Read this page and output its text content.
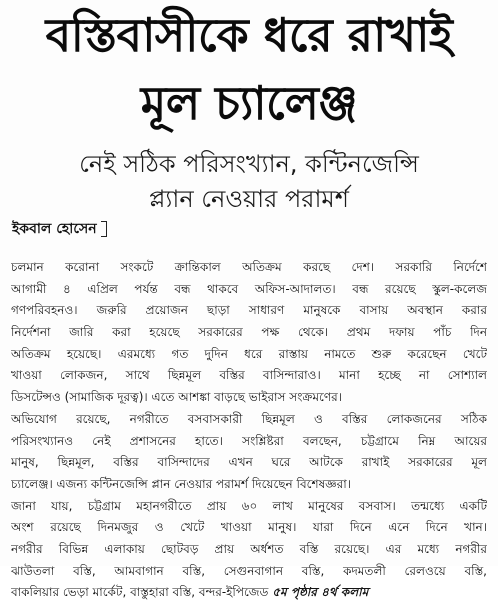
বস্তিবাসীকে ধরে রাখাই
মূল চ্যালেঞ্জ
নেই সঠিক পরিসংখ্যান, কন্টিনজেন্সি
প্ল্যান নেওয়ার পরামর্শ
ইকবাল হোসেন
চলমান করোনা সংকটে ক্রান্তিকাল অতিক্রম করছে দেশ। সরকারি নির্দেশে
আগামী ৪ এপ্রিল পর্যন্ত বন্ধ থাকবে অফিস-আদালত। বন্ধ রয়েছে স্কুল-কলেজ
গণপরিবহনও। জরুরি প্রয়োজন ছাড়া সাধারণ মানুষকে বাসায় অবস্থান করার
নির্দেশনা জারি করা হয়েছে সরকারের পক্ষ থেকে। প্রথম দফায় পাঁচ দিন
অতিক্রম হয়েছে। এরমধ্যে গত দুদিন ধরে রাস্তায় নামতে শুরু করেছেন খেটে
খাওয়া লোকজন, সাথে ছিন্নমূল বস্তির বাসিন্দারাও। মানা হচ্ছে না সোশ্যাল
ডিসটেন্সও (সামাজিক দূরত্ব)। এতে আশঙ্কা বাড়ছে ভাইরাস সংক্রমণের।
অভিযোগ রয়েছে, নগরীতে বসবাসকারী ছিন্নমূল ও বস্তির লোকজনের সঠিক
পরিসংখ্যানও নেই প্রশাসনের হাতে। সংশ্লিষ্টরা বলছেন, চট্টগ্রামে নিম্ন আয়ের
মানুষ, ছিন্নমূল, বস্তির বাসিন্দাদের এখন ঘরে আটকে রাখাই সরকারের মূল
চ্যালেঞ্জ। এজন্য কন্টিনজেন্সি প্লান নেওয়ার পরামর্শ দিয়েছেন বিশেষজ্ঞরা।
জানা যায়, চট্টগ্রাম মহানগরীতে প্রায় ৬০ লাখ মানুষের বসবাস। তন্মধ্যে একটি
অংশ রয়েছে দিনমজুর ও খেটে খাওয়া মানুষ। যারা দিনে এনে দিনে খান।
নগরীর বিভিন্ন এলাকায় ছোটবড় প্রায় অর্ধশত বস্তি রয়েছে। এর মধ্যে নগরীর
ঝাউতলা বস্তি, আমবাগান বস্তি, সেগুনবাগান বস্তি, কদমতলী রেলওয়ে বস্তি,
বাকলিয়ার ভেড়া মার্কেট, বাস্তুহারা বস্তি, বন্দর-ইপিজেড ৫ম পৃষ্ঠার ৪র্থ কলাম
